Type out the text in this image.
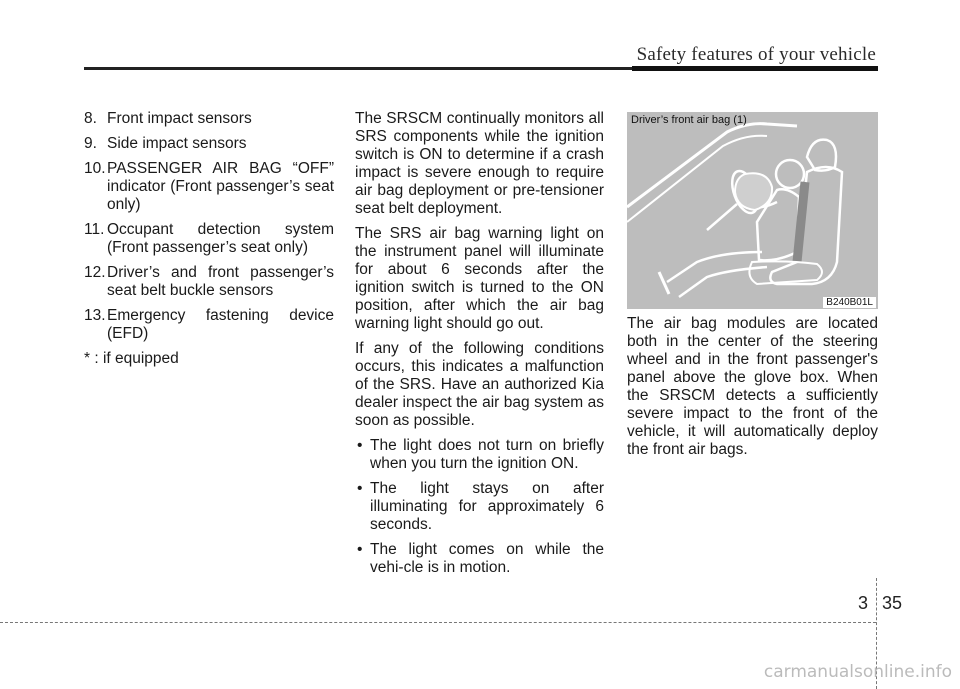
Safety features of your vehicle
8. Front impact sensors
9. Side impact sensors
10.PASSENGER AIR BAG “OFF” indicator (Front passenger’s seat only)
11. Occupant detection system (Front passenger’s seat only)
12.Driver’s and front passenger’s seat belt buckle sensors
13.Emergency fastening device (EFD)
* : if equipped

The SRSCM continually monitors all SRS components while the ignition switch is ON to determine if a crash impact is severe enough to require air bag deployment or pre-tensioner seat belt deployment.

The SRS air bag warning light on the instrument panel will illuminate for about 6 seconds after the ignition switch is turned to the ON position, after which the air bag warning light should go out.

If any of the following conditions occurs, this indicates a malfunction of the SRS. Have an authorized Kia dealer inspect the air bag system as soon as possible.

• The light does not turn on briefly when you turn the ignition ON.
• The light stays on after illuminating for approximately 6 seconds.
• The light comes on while the vehi-cle is in motion.
Driver’s front air bag (1)
B240B01L

The air bag modules are located both in the center of the steering wheel and in the front passenger's panel above the glove box. When the SRSCM detects a sufficiently severe impact to the front of the vehicle, it will automatically deploy the front air bags.

3 35
carmanualsonline.info
